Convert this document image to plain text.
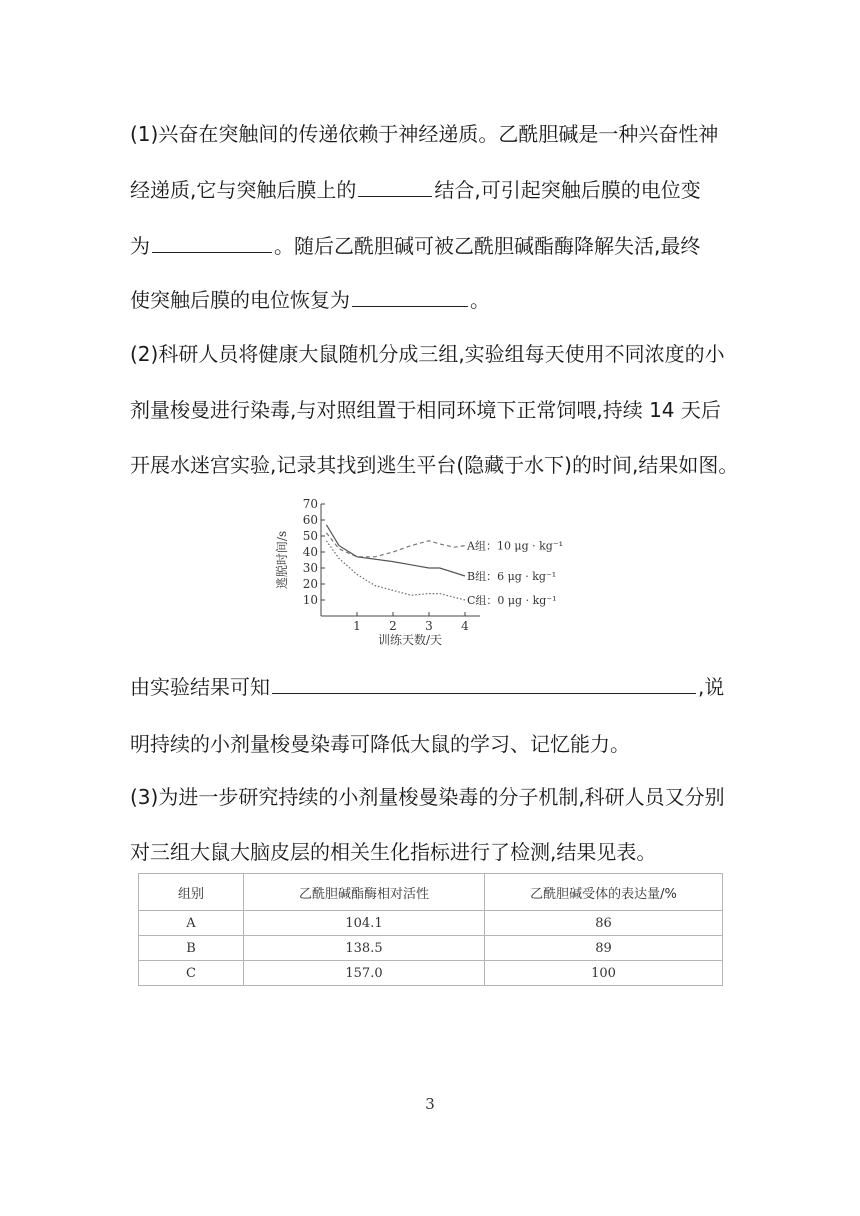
(1)兴奋在突触间的传递依赖于神经递质。乙酰胆碱是一种兴奋性神
经递质,它与突触后膜上的	结合,可引起突触后膜的电位变
为	。随后乙酰胆碱可被乙酰胆碱酯酶降解失活,最终
使突触后膜的电位恢复为	。
(2)科研人员将健康大鼠随机分成三组,实验组每天使用不同浓度的小
剂量梭曼进行染毒,与对照组置于相同环境下正常饲喂,持续 14 天后
开展水迷宫实验,记录其找到逃生平台(隐藏于水下)的时间,结果如图。
10
20
30
40
50
60
70
1 2 3 4
A组：10 μg · kg⁻¹
B组：6 μg · kg⁻¹
C组：0 μg · kg⁻¹
逃脱时间/s
训练天数/天
由实验结果可知	,说
明持续的小剂量梭曼染毒可降低大鼠的学习、记忆能力。
(3)为进一步研究持续的小剂量梭曼染毒的分子机制,科研人员又分别
对三组大鼠大脑皮层的相关生化指标进行了检测,结果见表。
组别	乙酰胆碱酯酶相对活性	乙酰胆碱受体的表达量/%
A	104.1	86
B	138.5	89
C	157.0	100
3
